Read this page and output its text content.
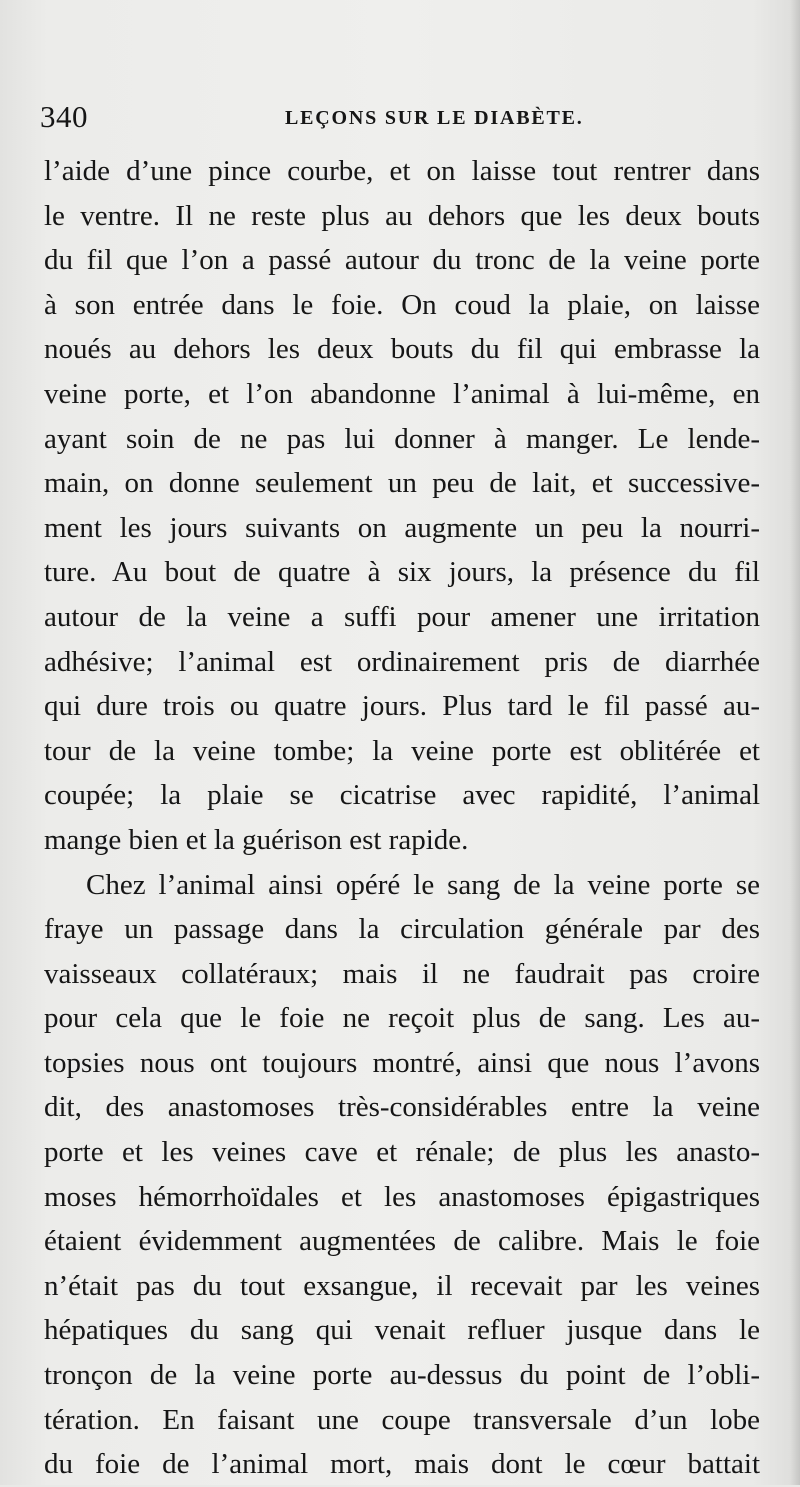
340	LEÇONS SUR LE DIABÈTE.
l’aide d’une pince courbe, et on laisse tout rentrer dans
le ventre. Il ne reste plus au dehors que les deux bouts
du fil que l’on a passé autour du tronc de la veine porte
à son entrée dans le foie. On coud la plaie, on laisse
noués au dehors les deux bouts du fil qui embrasse la
veine porte, et l’on abandonne l’animal à lui-même, en
ayant soin de ne pas lui donner à manger. Le lende-
main, on donne seulement un peu de lait, et successive-
ment les jours suivants on augmente un peu la nourri-
ture. Au bout de quatre à six jours, la présence du fil
autour de la veine a suffi pour amener une irritation
adhésive; l’animal est ordinairement pris de diarrhée
qui dure trois ou quatre jours. Plus tard le fil passé au-
tour de la veine tombe; la veine porte est oblitérée et
coupée; la plaie se cicatrise avec rapidité, l’animal
mange bien et la guérison est rapide.
Chez l’animal ainsi opéré le sang de la veine porte se
fraye un passage dans la circulation générale par des
vaisseaux collatéraux; mais il ne faudrait pas croire
pour cela que le foie ne reçoit plus de sang. Les au-
topsies nous ont toujours montré, ainsi que nous l’avons
dit, des anastomoses très-considérables entre la veine
porte et les veines cave et rénale; de plus les anasto-
moses hémorrhoïdales et les anastomoses épigastriques
étaient évidemment augmentées de calibre. Mais le foie
n’était pas du tout exsangue, il recevait par les veines
hépatiques du sang qui venait refluer jusque dans le
tronçon de la veine porte au-dessus du point de l’obli-
tération. En faisant une coupe transversale d’un lobe
du foie de l’animal mort, mais dont le cœur battait
